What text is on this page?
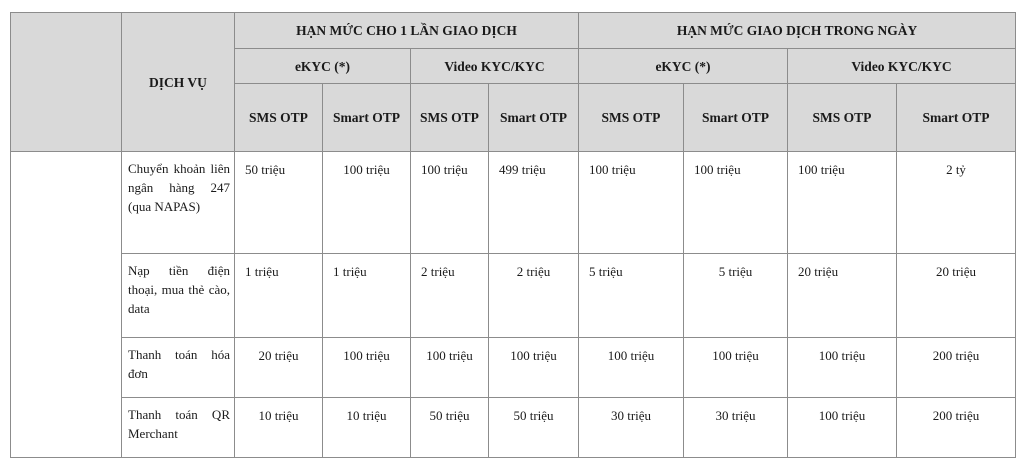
	DỊCH VỤ	HẠN MỨC CHO 1 LẦN GIAO DỊCH				HẠN MỨC GIAO DỊCH TRONG NGÀY			
		eKYC (*)		Video KYC/KYC		eKYC (*)		Video KYC/KYC	
		SMS OTP	Smart OTP	SMS OTP	Smart OTP	SMS OTP	Smart OTP	SMS OTP	Smart OTP
	Chuyển khoản liên ngân hàng 247 (qua NAPAS)	50 triệu	100 triệu	100 triệu	499 triệu	100 triệu	100 triệu	100 triệu	2 tỷ
	Nạp tiền điện thoại, mua thẻ cào, data	1 triệu	1 triệu	2 triệu	2 triệu	5 triệu	5 triệu	20 triệu	20 triệu
	Thanh toán hóa đơn	20 triệu	100 triệu	100 triệu	100 triệu	100 triệu	100 triệu	100 triệu	200 triệu
	Thanh toán QR Merchant	10 triệu	10 triệu	50 triệu	50 triệu	30 triệu	30 triệu	100 triệu	200 triệu
